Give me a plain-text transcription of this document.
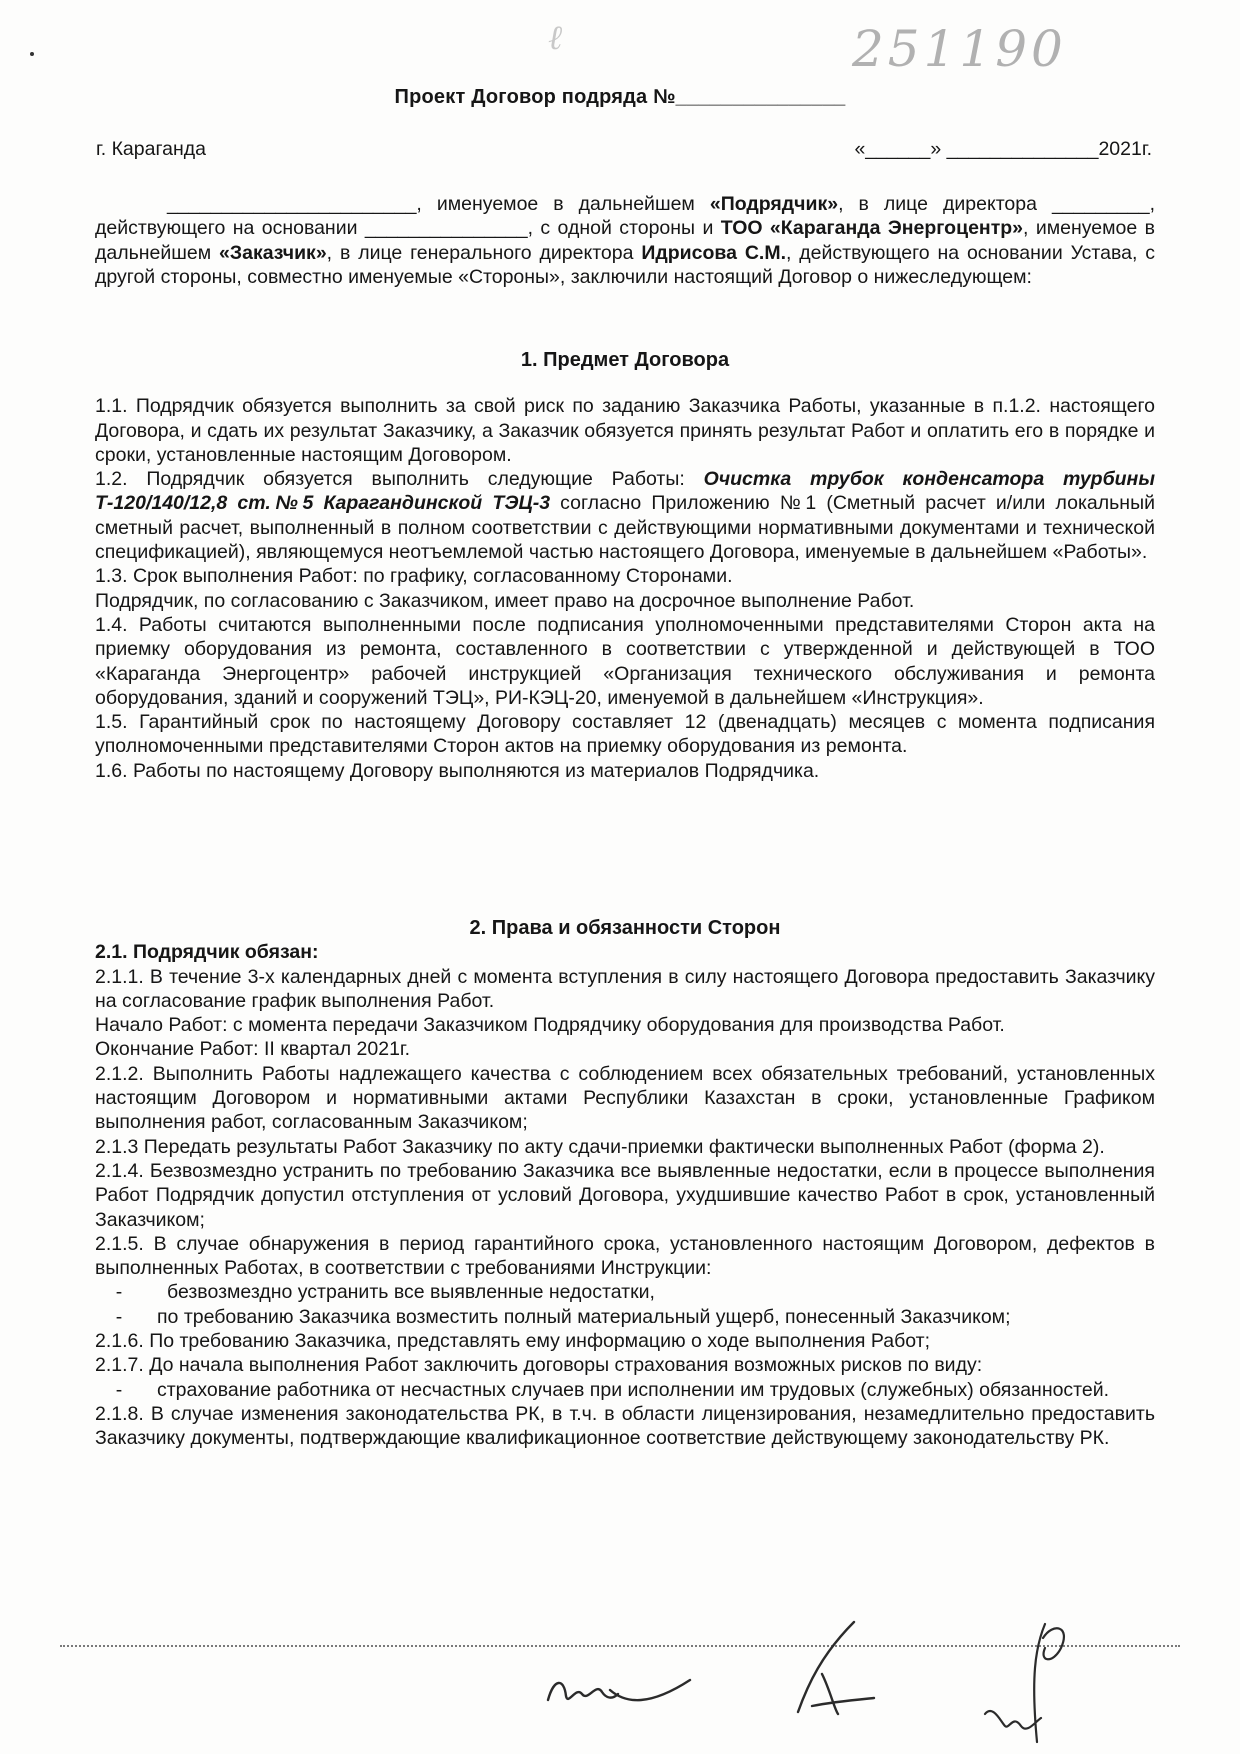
ℓ	251190
Проект Договор подряда №_______________
г. Караганда	«______» ______________2021г.

_______________________, именуемое в дальнейшем «Подрядчик», в лице директора _________, действующего на основании _______________, с одной стороны и ТОО «Караганда Энергоцентр», именуемое в дальнейшем «Заказчик», в лице генерального директора Идрисова С.М., действующего на основании Устава, с другой стороны, совместно именуемые «Стороны», заключили настоящий Договор о нижеследующем:

1. Предмет Договора

1.1. Подрядчик обязуется выполнить за свой риск по заданию Заказчика Работы, указанные в п.1.2. настоящего Договора, и сдать их результат Заказчику, а Заказчик обязуется принять результат Работ и оплатить его в порядке и сроки, установленные настоящим Договором.

1.2. Подрядчик обязуется выполнить следующие Работы: Очистка трубок конденсатора турбины Т-120/140/12,8 ст.№5 Карагандинской ТЭЦ-3 согласно Приложению №1 (Сметный расчет и/или локальный сметный расчет, выполненный в полном соответствии с действующими нормативными документами и технической спецификацией), являющемуся неотъемлемой частью настоящего Договора, именуемые в дальнейшем «Работы».

1.3. Срок выполнения Работ: по графику, согласованному Сторонами.

Подрядчик, по согласованию с Заказчиком, имеет право на досрочное выполнение Работ.

1.4. Работы считаются выполненными после подписания уполномоченными представителями Сторон акта на приемку оборудования из ремонта, составленного в соответствии с утвержденной и действующей в ТОО «Караганда Энергоцентр» рабочей инструкцией «Организация технического обслуживания и ремонта оборудования, зданий и сооружений ТЭЦ», РИ-КЭЦ-20, именуемой в дальнейшем «Инструкция».

1.5. Гарантийный срок по настоящему Договору составляет 12 (двенадцать) месяцев с момента подписания уполномоченными представителями Сторон актов на приемку оборудования из ремонта.

1.6. Работы по настоящему Договору выполняются из материалов Подрядчика.

2. Права и обязанности Сторон

2.1. Подрядчик обязан:

2.1.1. В течение 3-х календарных дней с момента вступления в силу настоящего Договора предоставить Заказчику на согласование график выполнения Работ.

Начало Работ: с момента передачи Заказчиком Подрядчику оборудования для производства Работ.

Окончание Работ: II квартал 2021г.

2.1.2. Выполнить Работы надлежащего качества с соблюдением всех обязательных требований, установленных настоящим Договором и нормативными актами Республики Казахстан в сроки, установленные Графиком выполнения работ, согласованным Заказчиком;

2.1.3 Передать результаты Работ Заказчику по акту сдачи-приемки фактически выполненных Работ (форма 2).

2.1.4. Безвозмездно устранить по требованию Заказчика все выявленные недостатки, если в процессе выполнения Работ Подрядчик допустил отступления от условий Договора, ухудшившие качество Работ в срок, установленный Заказчиком;

2.1.5. В случае обнаружения в период гарантийного срока, установленного настоящим Договором, дефектов в выполненных Работах, в соответствии с требованиями Инструкции:

-	безвозмездно устранить все выявленные недостатки,
-	по требованию Заказчика возместить полный материальный ущерб, понесенный Заказчиком;

2.1.6. По требованию Заказчика, представлять ему информацию о ходе выполнения Работ;

2.1.7. До начала выполнения Работ заключить договоры страхования возможных рисков по виду:

-	страхование работника от несчастных случаев при исполнении им трудовых (служебных) обязанностей.

2.1.8. В случае изменения законодательства РК, в т.ч. в области лицензирования, незамедлительно предоставить Заказчику документы, подтверждающие квалификационное соответствие действующему законодательству РК.
